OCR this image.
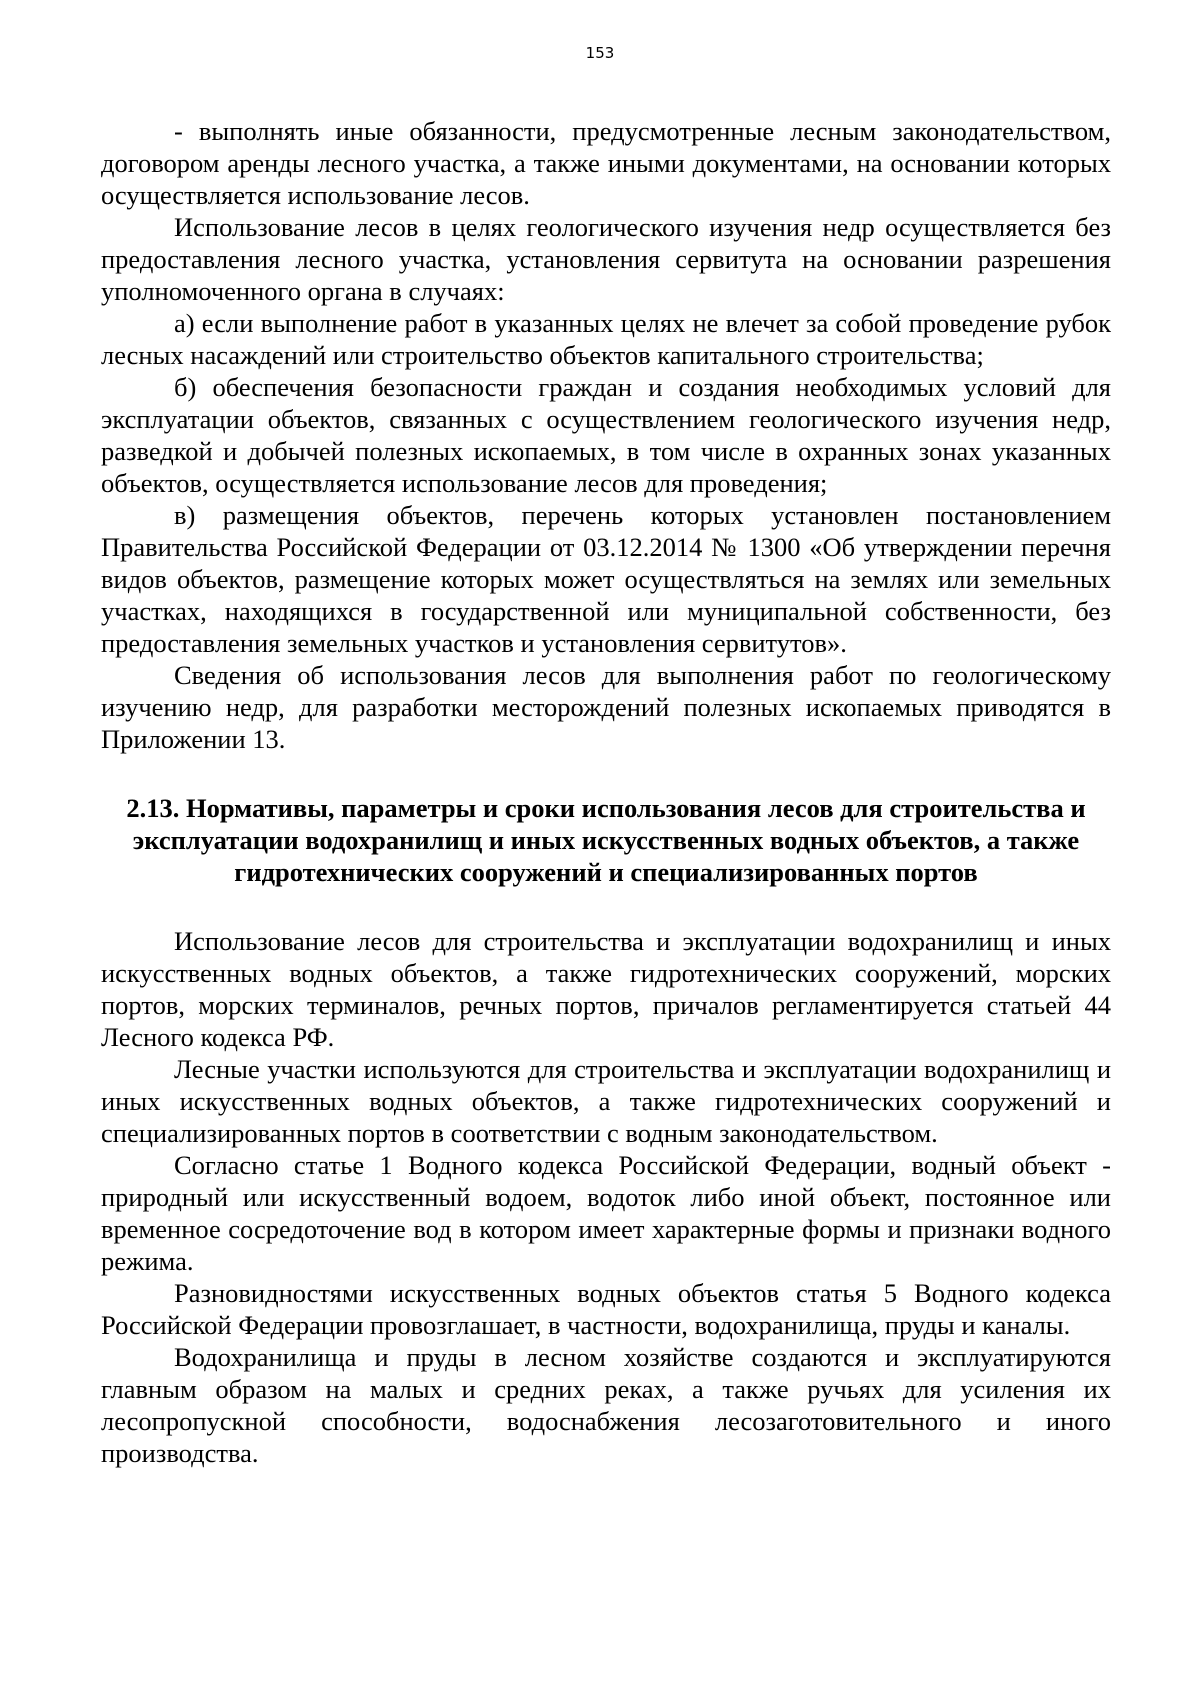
153

- выполнять иные обязанности, предусмотренные лесным законодательством, договором аренды лесного участка, а также иными документами, на основании которых осуществляется использование лесов.

Использование лесов в целях геологического изучения недр осуществляется без предоставления лесного участка, установления сервитута на основании разрешения уполномоченного органа в случаях:

а) если выполнение работ в указанных целях не влечет за собой проведение рубок лесных насаждений или строительство объектов капитального строительства;

б) обеспечения безопасности граждан и создания необходимых условий для эксплуатации объектов, связанных с осуществлением геологического изучения недр, разведкой и добычей полезных ископаемых, в том числе в охранных зонах указанных объектов, осуществляется использование лесов для проведения;

в) размещения объектов, перечень которых установлен постановлением Правительства Российской Федерации от 03.12.2014 № 1300 «Об утверждении перечня видов объектов, размещение которых может осуществляться на землях или земельных участках, находящихся в государственной или муниципальной собственности, без предоставления земельных участков и установления сервитутов».

Сведения об использования лесов для выполнения работ по геологическому изучению недр, для разработки месторождений полезных ископаемых приводятся в Приложении 13.

2.13. Нормативы, параметры и сроки использования лесов для строительства и эксплуатации водохранилищ и иных искусственных водных объектов, а также гидротехнических сооружений и специализированных портов

Использование лесов для строительства и эксплуатации водохранилищ и иных искусственных водных объектов, а также гидротехнических сооружений, морских портов, морских терминалов, речных портов, причалов регламентируется статьей 44 Лесного кодекса РФ.

Лесные участки используются для строительства и эксплуатации водохранилищ и иных искусственных водных объектов, а также гидротехнических сооружений и специализированных портов в соответствии с водным законодательством.

Согласно статье 1 Водного кодекса Российской Федерации, водный объект - природный или искусственный водоем, водоток либо иной объект, постоянное или временное сосредоточение вод в котором имеет характерные формы и признаки водного режима.

Разновидностями искусственных водных объектов статья 5 Водного кодекса Российской Федерации провозглашает, в частности, водохранилища, пруды и каналы.

Водохранилища и пруды в лесном хозяйстве создаются и эксплуатируются главным образом на малых и средних реках, а также ручьях для усиления их лесопропускной способности, водоснабжения лесозаготовительного и иного производства.
